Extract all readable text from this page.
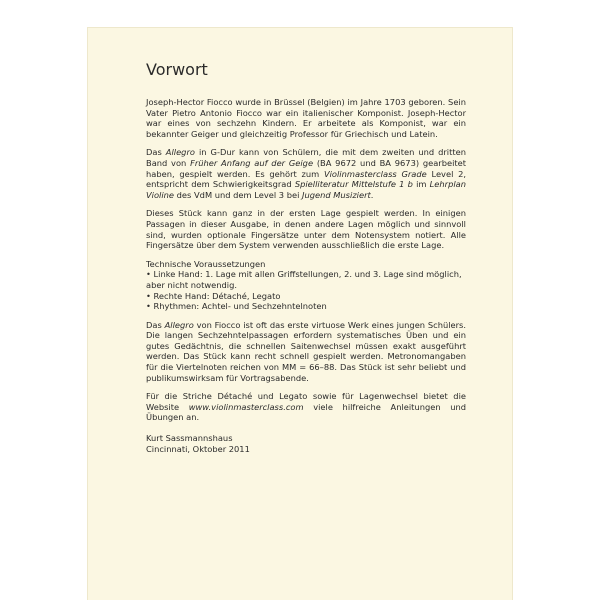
Vorwort

Joseph-Hector Fiocco wurde in Brüssel (Belgien) im Jahre 1703 geboren. Sein Vater Pietro Antonio Fiocco war ein italienischer Komponist. Joseph-Hector war eines von sechzehn Kindern. Er arbeitete als Komponist, war ein bekannter Geiger und gleichzeitig Professor für Griechisch und Latein.

Das Allegro in G-Dur kann von Schülern, die mit dem zweiten und dritten Band von Früher Anfang auf der Geige (BA 9672 und BA 9673) gearbeitet haben, gespielt werden. Es gehört zum Violinmasterclass Grade Level 2, entspricht dem Schwierigkeitsgrad Spielliteratur Mittelstufe 1 b im Lehrplan Violine des VdM und dem Level 3 bei Jugend Musiziert.

Dieses Stück kann ganz in der ersten Lage gespielt werden. In einigen Passagen in dieser Ausgabe, in denen andere Lagen möglich und sinnvoll sind, wurden optionale Fingersätze unter dem Notensystem notiert. Alle Fingersätze über dem System verwenden ausschließlich die erste Lage.

Technische Voraussetzungen
• Linke Hand: 1. Lage mit allen Griffstellungen, 2. und 3. Lage sind möglich, aber nicht notwendig.
• Rechte Hand: Détaché, Legato
• Rhythmen: Achtel- und Sechzehntelnoten

Das Allegro von Fiocco ist oft das erste virtuose Werk eines jungen Schülers. Die langen Sechzehntelpassagen erfordern systematisches Üben und ein gutes Gedächtnis, die schnellen Saitenwechsel müssen exakt ausgeführt werden. Das Stück kann recht schnell gespielt werden. Metronomangaben für die Viertelnoten reichen von MM = 66–88. Das Stück ist sehr beliebt und publikumswirksam für Vortragsabende.

Für die Striche Détaché und Legato sowie für Lagenwechsel bietet die Website www.violinmasterclass.com viele hilfreiche Anleitungen und Übungen an.

Kurt Sassmannshaus
Cincinnati, Oktober 2011
